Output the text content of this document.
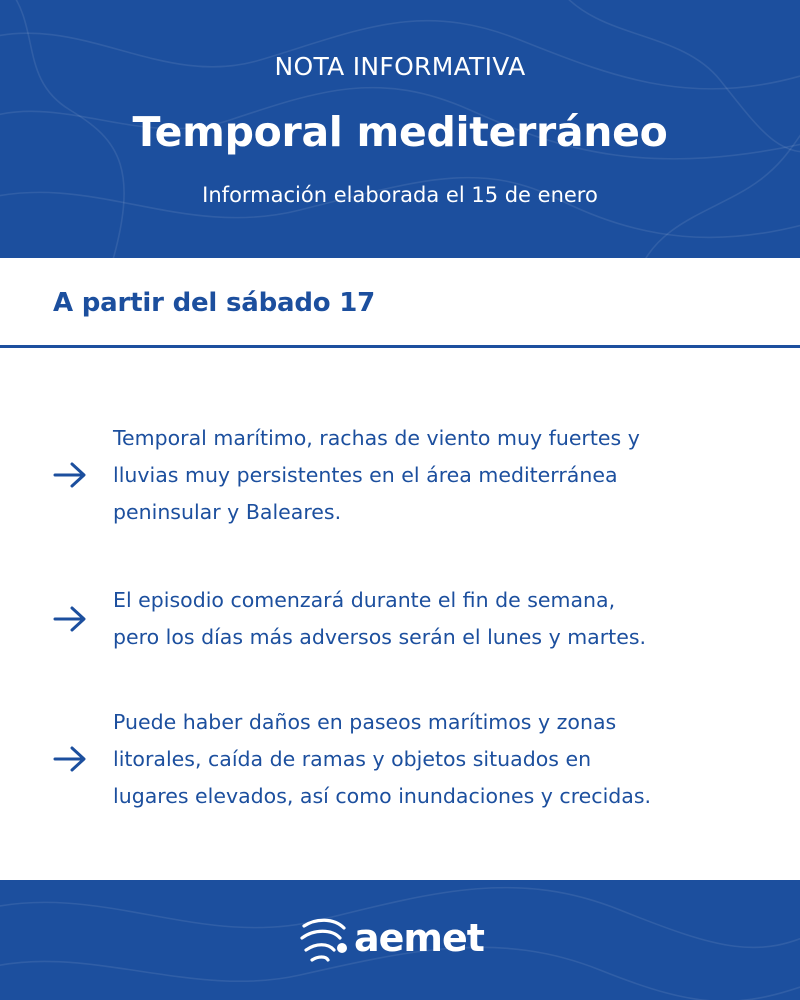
NOTA INFORMATIVA
Temporal mediterráneo
Información elaborada el 15 de enero
A partir del sábado 17
Temporal marítimo, rachas de viento muy fuertes y
lluvias muy persistentes en el área mediterránea
peninsular y Baleares.
El episodio comenzará durante el fin de semana,
pero los días más adversos serán el lunes y martes.
Puede haber daños en paseos marítimos y zonas
litorales, caída de ramas y objetos situados en
lugares elevados, así como inundaciones y crecidas.
aemet
